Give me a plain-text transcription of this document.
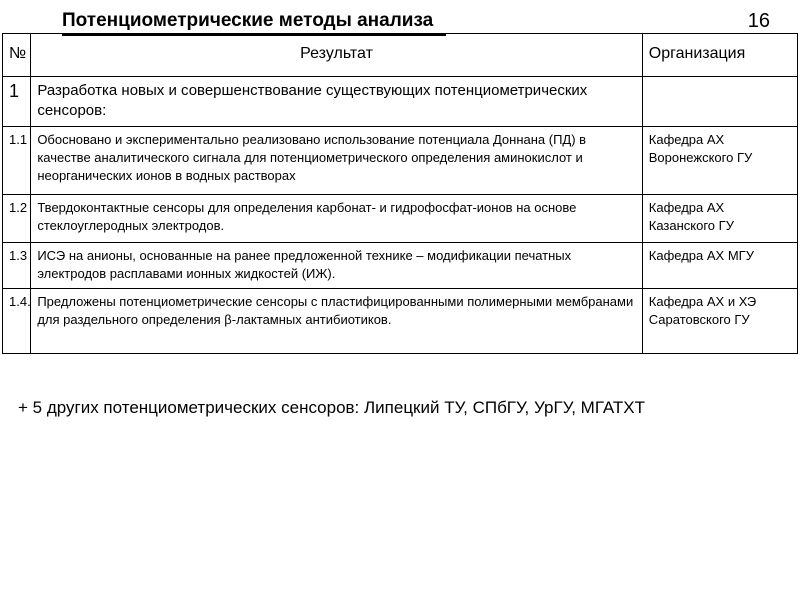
Потенциометрические методы анализа	16
№	Результат	Организация
1	Разработка новых и совершенствование существующих потенциометрических сенсоров:	
1.1	Обосновано и экспериментально реализовано использование потенциала Доннана (ПД) в качестве аналитического сигнала для потенциометрического определения аминокислот и неорганических ионов в водных растворах	Кафедра АХ Воронежского ГУ
1.2	Твердоконтактные сенсоры для определения карбонат- и гидрофосфат-ионов на основе стеклоуглеродных электродов.	Кафедра АХ Казанского ГУ
1.3	ИСЭ на анионы, основанные на ранее предложенной технике – модификации печатных электродов расплавами ионных жидкостей (ИЖ).	Кафедра АХ МГУ
1.4.	Предложены потенциометрические сенсоры с пластифицированными полимерными мембранами для раздельного определения β-лактамных антибиотиков.	Кафедра АХ и ХЭ Саратовского ГУ
+ 5 других потенциометрических сенсоров: Липецкий ТУ, СПбГУ, УрГУ, МГАТХТ
